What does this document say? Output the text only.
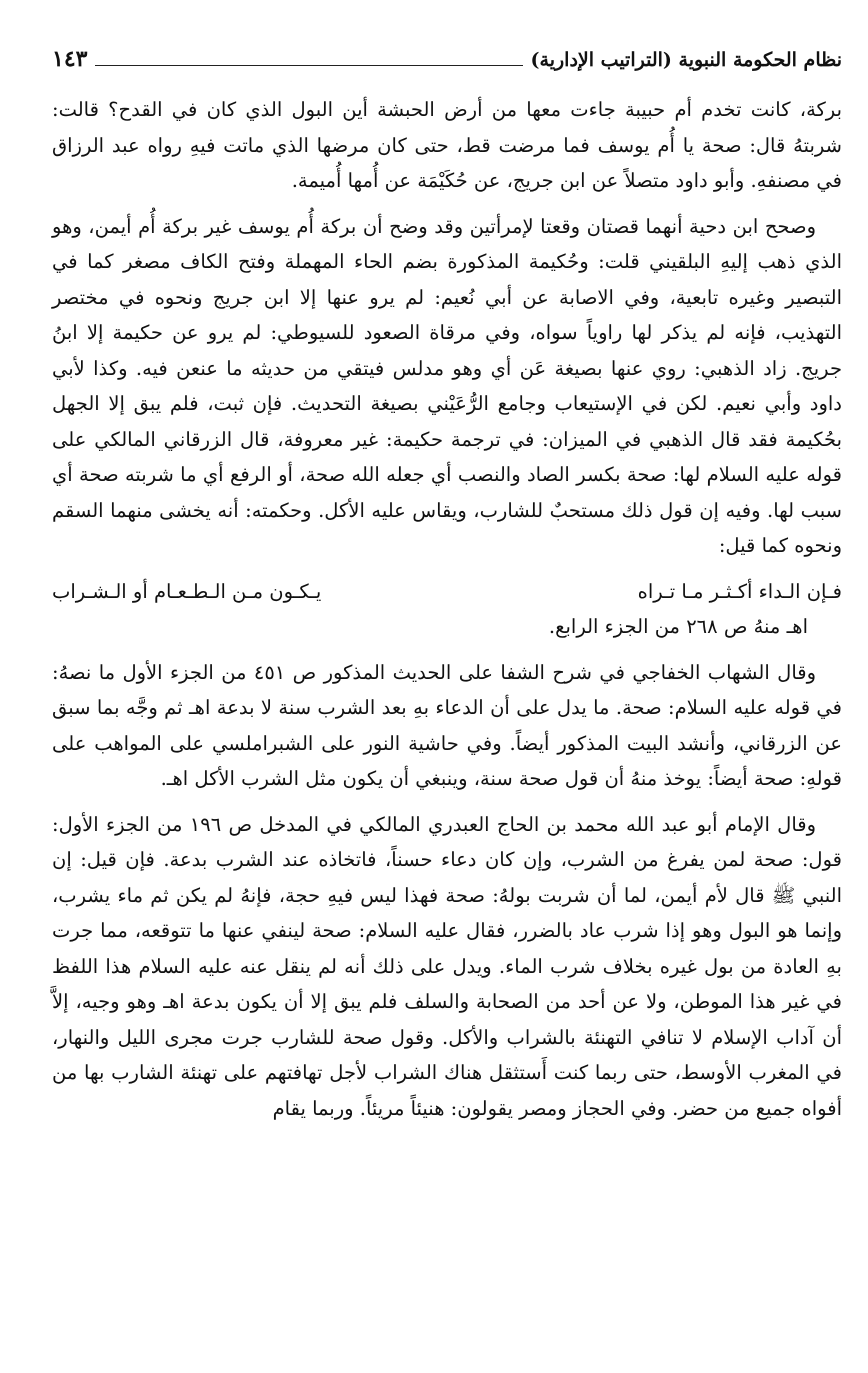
نظام الحكومة النبوية (التراتيب الإدارية)
١٤٣

بركة، كانت تخدم أم حبيبة جاءت معها من أرض الحبشة أين البول الذي كان في القدح؟ قالت: شربتهُ قال: صحة يا أُم يوسف فما مرضت قط، حتى كان مرضها الذي ماتت فيهِ رواه عبد الرزاق في مصنفهِ. وأبو داود متصلاً عن ابن جريج، عن حُكَيْمَة عن أُمها أُميمة.

وصحح ابن دحية أنهما قصتان وقعتا لإمرأتين وقد وضح أن بركة أُم يوسف غير بركة أُم أيمن، وهو الذي ذهب إليهِ البلقيني قلت: وحُكيمة المذكورة بضم الحاء المهملة وفتح الكاف مصغر كما في التبصير وغيره تابعية، وفي الاصابة عن أبي نُعيم: لم يرو عنها إلا ابن جريج ونحوه في مختصر التهذيب، فإنه لم يذكر لها راوياً سواه، وفي مرقاة الصعود للسيوطي: لم يرو عن حكيمة إلا ابنُ جريج. زاد الذهبي: روي عنها بصيغة عَن أي وهو مدلس فيتقي من حديثه ما عنعن فيه. وكذا لأبي داود وأبي نعيم. لكن في الإستيعاب وجامع الرُّعَيْني بصيغة التحديث. فإن ثبت، فلم يبق إلا الجهل بحُكيمة فقد قال الذهبي في الميزان: في ترجمة حكيمة: غير معروفة، قال الزرقاني المالكي على قوله عليه السلام لها: صحة بكسر الصاد والنصب أي جعله الله صحة، أو الرفع أي ما شربته صحة أي سبب لها. وفيه إن قول ذلك مستحبٌ للشارب، ويقاس عليه الأكل. وحكمته: أنه يخشى منهما السقم ونحوه كما قيل:

فـإن الـداء أكـثـر مـا تـراه
يـكـون مـن الـطـعـام أو الـشـراب

اهـ منهُ ص ٢٦٨ من الجزء الرابع.

وقال الشهاب الخفاجي في شرح الشفا على الحديث المذكور ص ٤٥١ من الجزء الأول ما نصهُ: في قوله عليه السلام: صحة. ما يدل على أن الدعاء بهِ بعد الشرب سنة لا بدعة اهـ ثم وجَّه بما سبق عن الزرقاني، وأنشد البيت المذكور أيضاً. وفي حاشية النور على الشبراملسي على المواهب على قولهِ: صحة أيضاً: يوخذ منهُ أن قول صحة سنة، وينبغي أن يكون مثل الشرب الأكل اهـ.

وقال الإمام أبو عبد الله محمد بن الحاج العبدري المالكي في المدخل ص ١٩٦ من الجزء الأول: قول: صحة لمن يفرغ من الشرب، وإن كان دعاء حسناً، فاتخاذه عند الشرب بدعة. فإن قيل: إن النبي ﷺ قال لأم أيمن، لما أن شربت بولهُ: صحة فهذا ليس فيهِ حجة، فإنهُ لم يكن ثم ماء يشرب، وإنما هو البول وهو إذا شرب عاد بالضرر، فقال عليه السلام: صحة لينفي عنها ما تتوقعه، مما جرت بهِ العادة من بول غيره بخلاف شرب الماء. ويدل على ذلك أنه لم ينقل عنه عليه السلام هذا اللفظ في غير هذا الموطن، ولا عن أحد من الصحابة والسلف فلم يبق إلا أن يكون بدعة اهـ وهو وجيه، إلاَّ أن آداب الإسلام لا تنافي التهنئة بالشراب والأكل. وقول صحة للشارب جرت مجرى الليل والنهار، في المغرب الأوسط، حتى ربما كنت أَستثقل هناك الشراب لأجل تهافتهم على تهنئة الشارب بها من أفواه جميع من حضر. وفي الحجاز ومصر يقولون: هنيئاً مريئاً. وربما يقام
